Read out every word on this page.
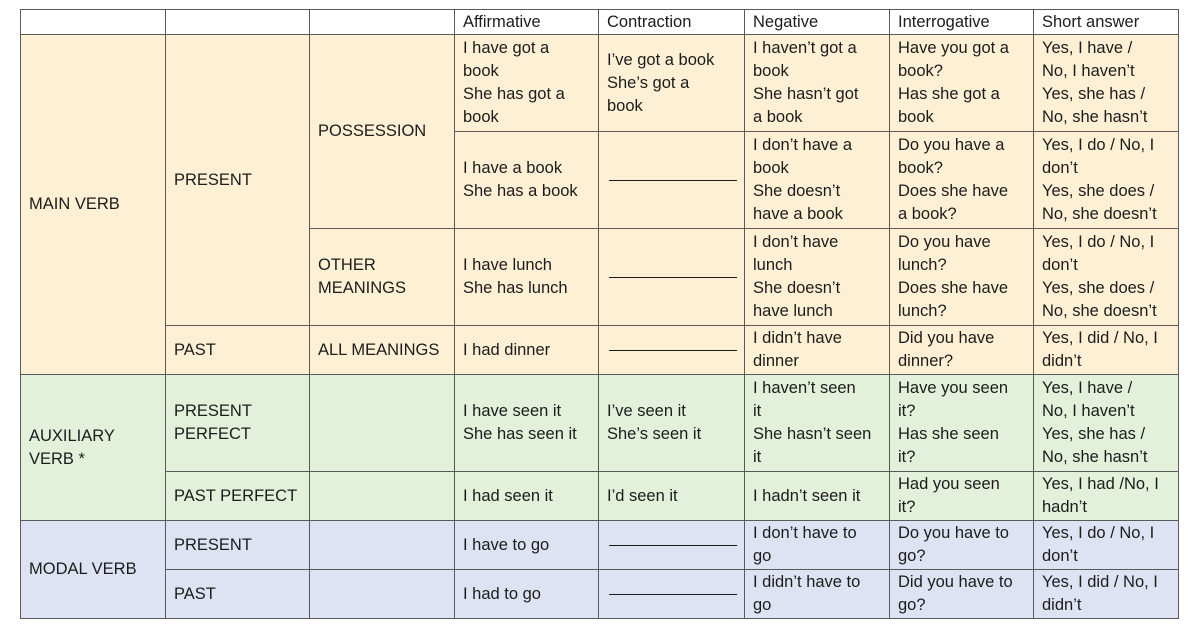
			Affirmative	Contraction	Negative	Interrogative	Short answer
MAIN VERB	PRESENT	POSSESSION	I have got a
book
She has got a
book	I’ve got a book
She’s got a
book	I haven’t got a
book
She hasn’t got
a book	Have you got a
book?
Has she got a
book	Yes, I have /
No, I haven’t
Yes, she has /
No, she hasn’t

			I have a book
She has a book		I don’t have a
book
She doesn’t
have a book	Do you have a
book?
Does she have
a book?	Yes, I do / No, I
don’t
Yes, she does /
No, she doesn’t

		OTHER MEANINGS	I have lunch
She has lunch		I don’t have
lunch
She doesn’t
have lunch	Do you have
lunch?
Does she have
lunch?	Yes, I do / No, I
don’t
Yes, she does /
No, she doesn’t

	PAST	ALL MEANINGS	I had dinner		I didn’t have
dinner	Did you have
dinner?	Yes, I did / No, I
didn’t

AUXILIARY VERB *	PRESENT PERFECT		I have seen it
She has seen it	I’ve seen it
She’s seen it	I haven’t seen
it
She hasn’t seen
it	Have you seen
it?
Has she seen
it?	Yes, I have /
No, I haven’t
Yes, she has /
No, she hasn’t

	PAST PERFECT		I had seen it	I’d seen it	I hadn’t seen it	Had you seen
it?	Yes, I had /No, I
hadn’t

MODAL VERB	PRESENT		I have to go		I don’t have to
go	Do you have to
go?	Yes, I do / No, I
don’t

	PAST		I had to go		I didn’t have to
go	Did you have to
go?	Yes, I did / No, I
didn’t
